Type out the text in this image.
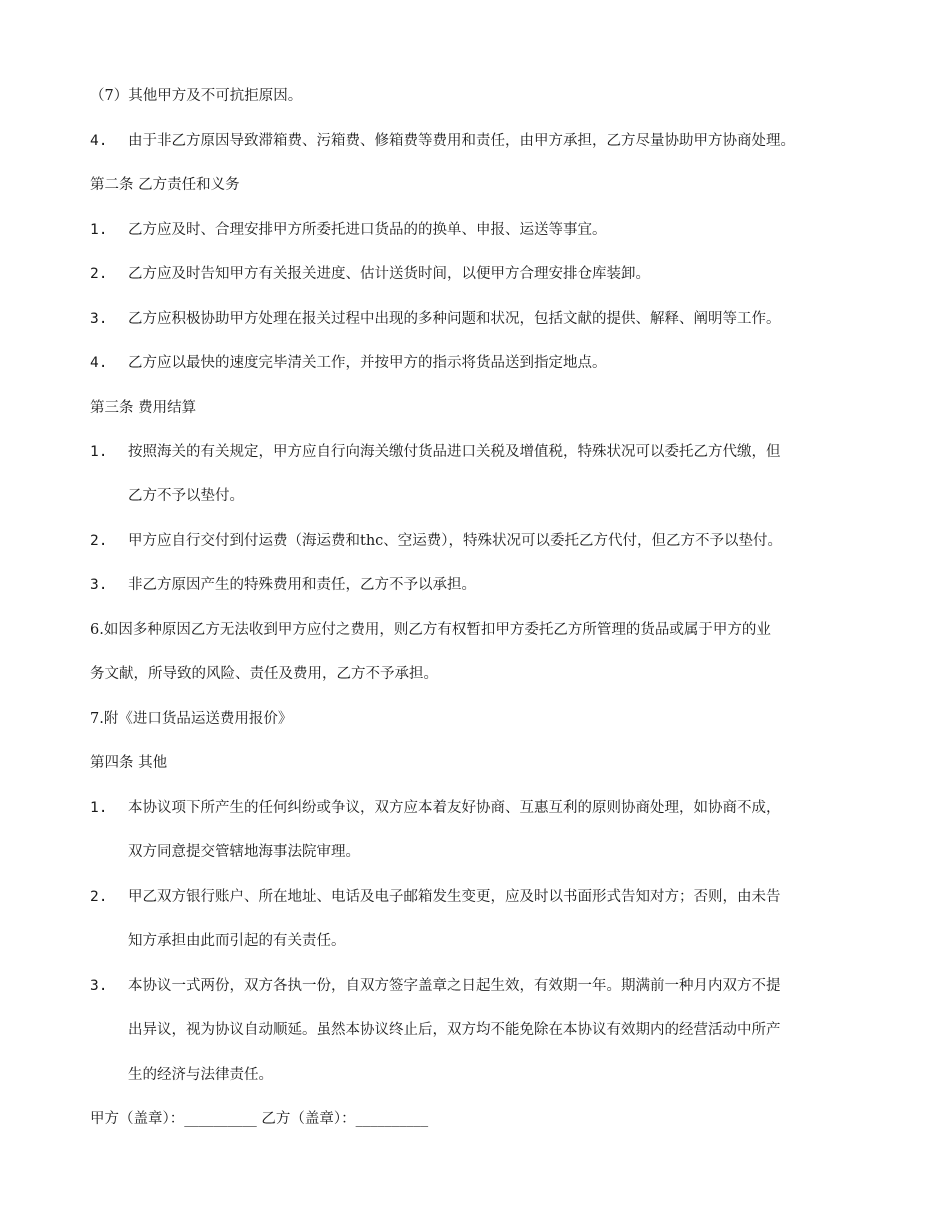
（7）其他甲方及不可抗拒原因。
4. 由于非乙方原因导致滞箱费、污箱费、修箱费等费用和责任，由甲方承担，乙方尽量协助甲方协商处理。
第二条 乙方责任和义务
1. 乙方应及时、合理安排甲方所委托进口货品的的换单、申报、运送等事宜。
2. 乙方应及时告知甲方有关报关进度、估计送货时间，以便甲方合理安排仓库装卸。
3. 乙方应积极协助甲方处理在报关过程中出现的多种问题和状况，包括文献的提供、解释、阐明等工作。
4. 乙方应以最快的速度完毕清关工作，并按甲方的指示将货品送到指定地点。
第三条 费用结算
1. 按照海关的有关规定，甲方应自行向海关缴付货品进口关税及增值税，特殊状况可以委托乙方代缴，但
乙方不予以垫付。
2. 甲方应自行交付到付运费（海运费和thc、空运费），特殊状况可以委托乙方代付，但乙方不予以垫付。
3. 非乙方原因产生的特殊费用和责任，乙方不予以承担。
6.如因多种原因乙方无法收到甲方应付之费用，则乙方有权暂扣甲方委托乙方所管理的货品或属于甲方的业
务文献，所导致的风险、责任及费用，乙方不予承担。
7.附《进口货品运送费用报价》
第四条 其他
1. 本协议项下所产生的任何纠纷或争议，双方应本着友好协商、互惠互利的原则协商处理，如协商不成，
双方同意提交管辖地海事法院审理。
2. 甲乙双方银行账户、所在地址、电话及电子邮箱发生变更，应及时以书面形式告知对方；否则，由未告
知方承担由此而引起的有关责任。
3. 本协议一式两份，双方各执一份，自双方签字盖章之日起生效，有效期一年。期满前一种月内双方不提
出异议，视为协议自动顺延。虽然本协议终止后，双方均不能免除在本协议有效期内的经营活动中所产
生的经济与法律责任。
甲方（盖章）：__________ 乙方（盖章）：__________
